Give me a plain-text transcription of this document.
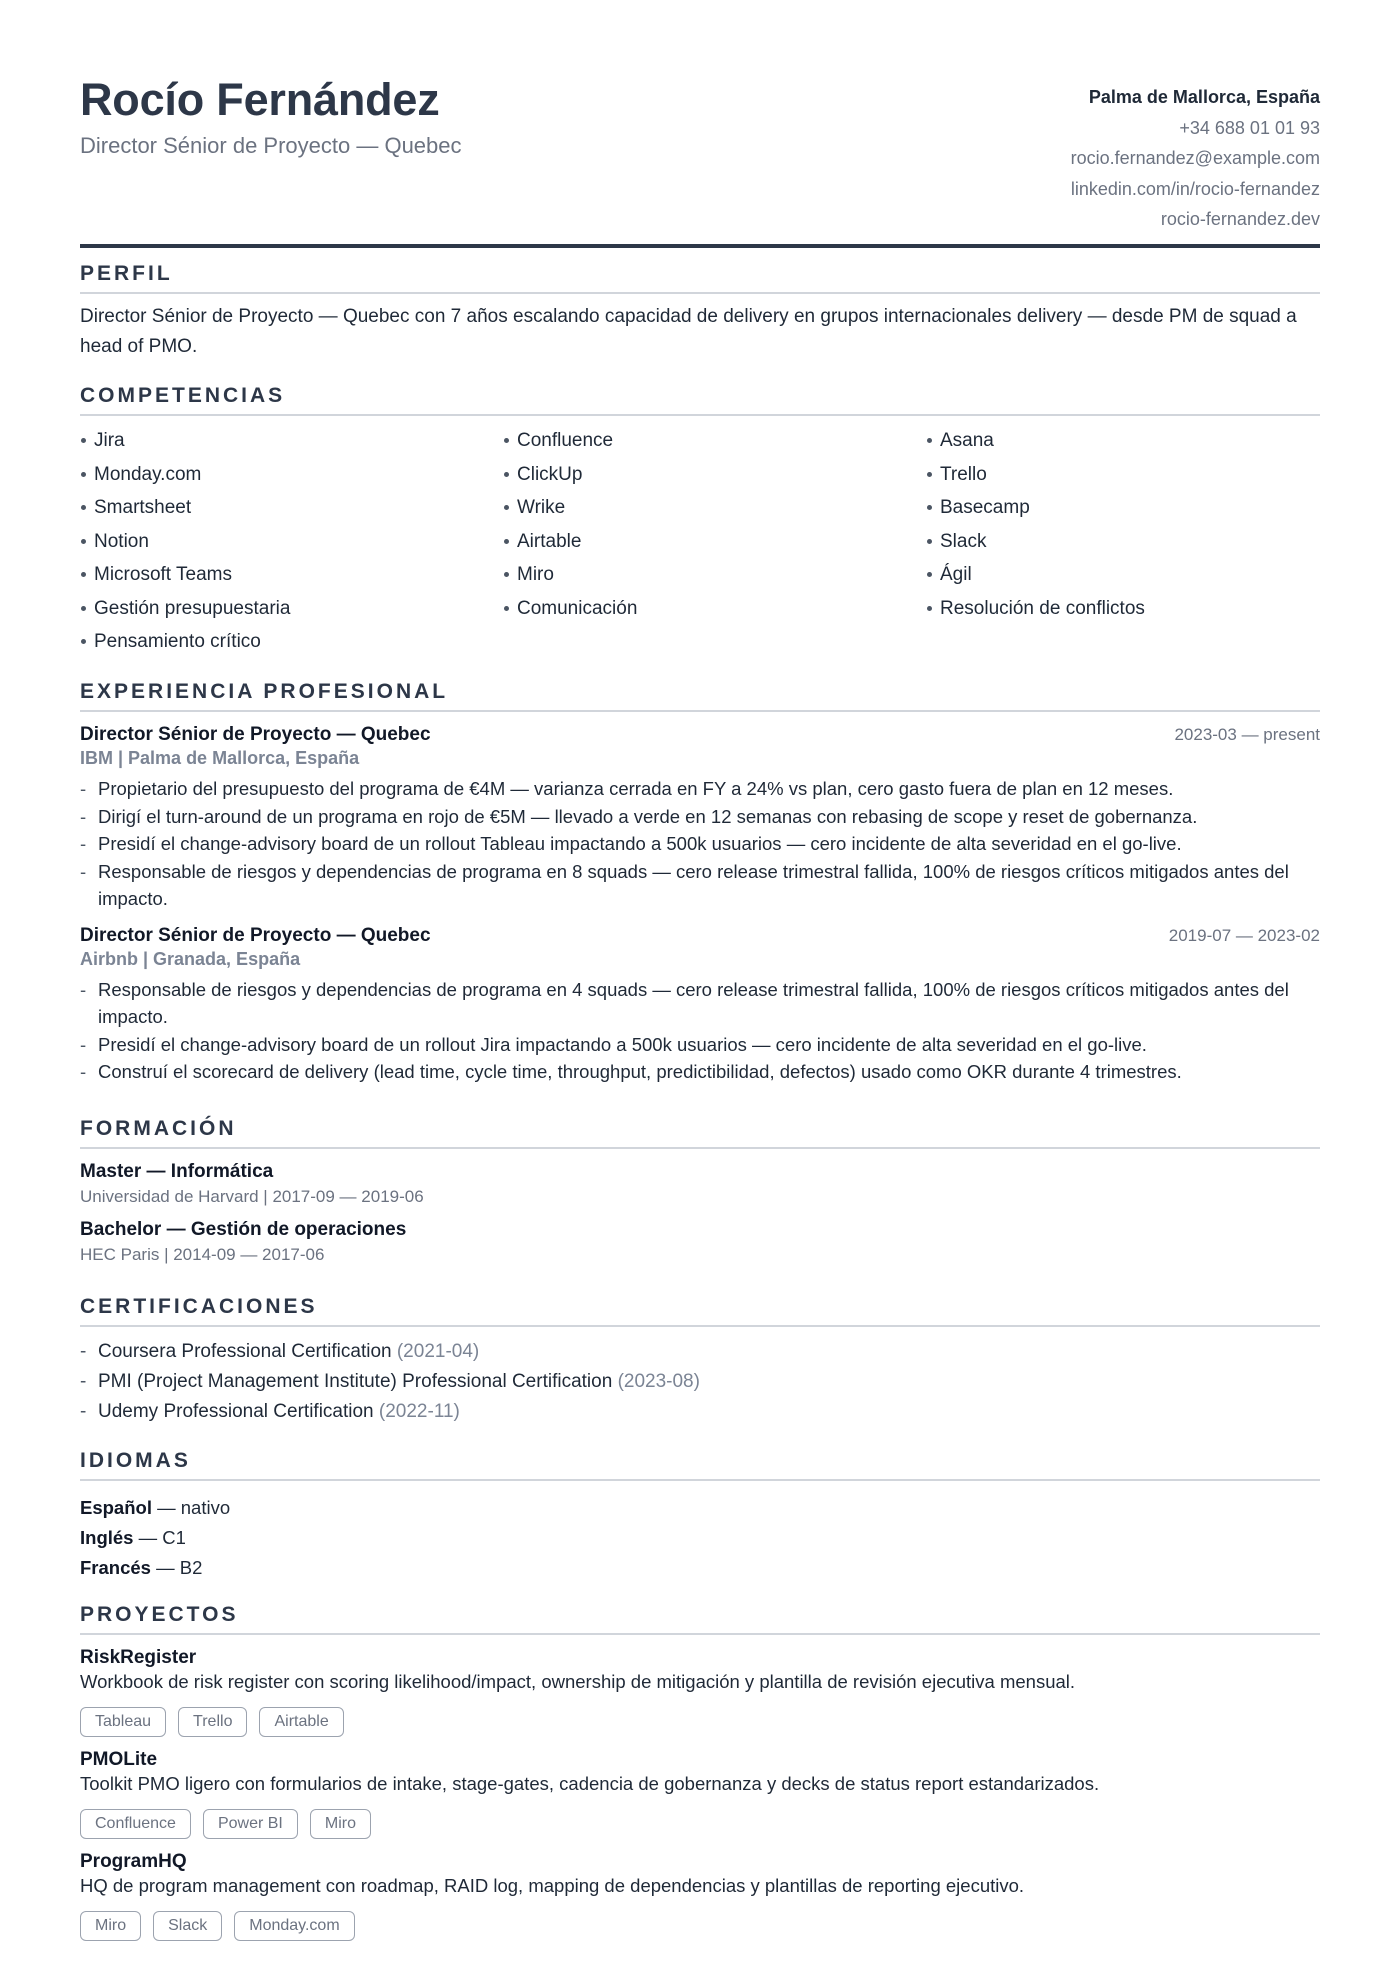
Rocío Fernández
Director Sénior de Proyecto — Quebec
Palma de Mallorca, España
+34 688 01 01 93
rocio.fernandez@example.com
linkedin.com/in/rocio-fernandez
rocio-fernandez.dev
PERFIL
Director Sénior de Proyecto — Quebec con 7 años escalando capacidad de delivery en grupos internacionales delivery — desde PM de squad a head of PMO.
COMPETENCIAS
Jira	Confluence	Asana
Monday.com	ClickUp	Trello
Smartsheet	Wrike	Basecamp
Notion	Airtable	Slack
Microsoft Teams	Miro	Ágil
Gestión presupuestaria	Comunicación	Resolución de conflictos
Pensamiento crítico
EXPERIENCIA PROFESIONAL
Director Sénior de Proyecto — Quebec	2023-03 — present
IBM | Palma de Mallorca, España
- Propietario del presupuesto del programa de €4M — varianza cerrada en FY a 24% vs plan, cero gasto fuera de plan en 12 meses.
- Dirigí el turn-around de un programa en rojo de €5M — llevado a verde en 12 semanas con rebasing de scope y reset de gobernanza.
- Presidí el change-advisory board de un rollout Tableau impactando a 500k usuarios — cero incidente de alta severidad en el go-live.
- Responsable de riesgos y dependencias de programa en 8 squads — cero release trimestral fallida, 100% de riesgos críticos mitigados antes del impacto.
Director Sénior de Proyecto — Quebec	2019-07 — 2023-02
Airbnb | Granada, España
- Responsable de riesgos y dependencias de programa en 4 squads — cero release trimestral fallida, 100% de riesgos críticos mitigados antes del impacto.
- Presidí el change-advisory board de un rollout Jira impactando a 500k usuarios — cero incidente de alta severidad en el go-live.
- Construí el scorecard de delivery (lead time, cycle time, throughput, predictibilidad, defectos) usado como OKR durante 4 trimestres.
FORMACIÓN
Master — Informática
Universidad de Harvard | 2017-09 — 2019-06
Bachelor — Gestión de operaciones
HEC Paris | 2014-09 — 2017-06
CERTIFICACIONES
- Coursera Professional Certification (2021-04)
- PMI (Project Management Institute) Professional Certification (2023-08)
- Udemy Professional Certification (2022-11)
IDIOMAS
Español — nativo
Inglés — C1
Francés — B2
PROYECTOS
RiskRegister
Workbook de risk register con scoring likelihood/impact, ownership de mitigación y plantilla de revisión ejecutiva mensual.
Tableau	Trello	Airtable
PMOLite
Toolkit PMO ligero con formularios de intake, stage-gates, cadencia de gobernanza y decks de status report estandarizados.
Confluence	Power BI	Miro
ProgramHQ
HQ de program management con roadmap, RAID log, mapping de dependencias y plantillas de reporting ejecutivo.
Miro	Slack	Monday.com
